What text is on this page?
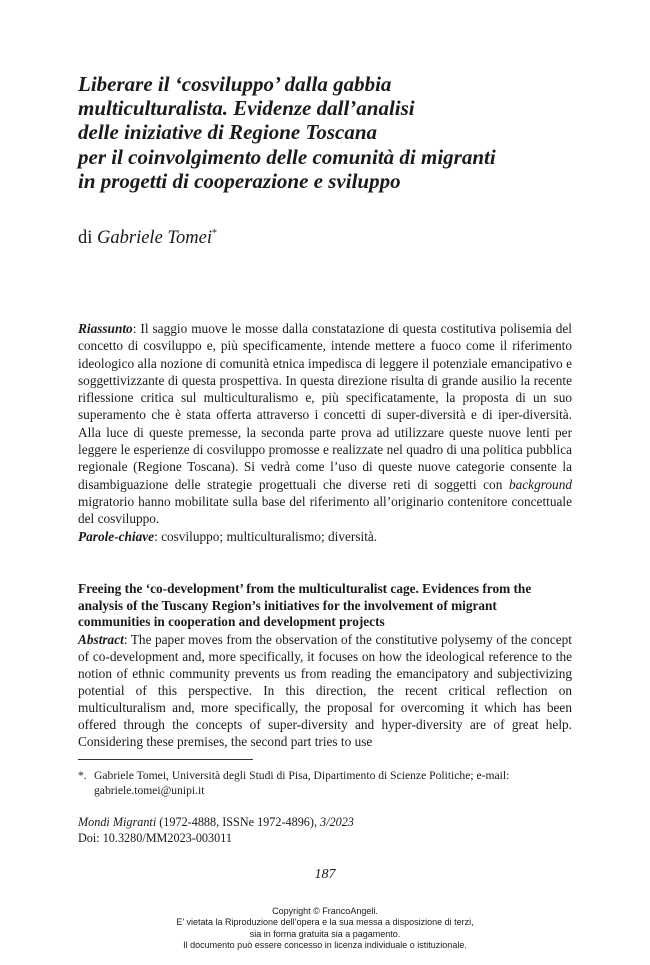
Liberare il ‘cosviluppo’ dalla gabbia
multiculturalista. Evidenze dall’analisi
delle iniziative di Regione Toscana
per il coinvolgimento delle comunità di migranti
in progetti di cooperazione e sviluppo
di Gabriele Tomei*

Riassunto: Il saggio muove le mosse dalla constatazione di questa costitutiva polisemia del concetto di cosviluppo e, più specificamente, intende mettere a fuoco come il riferimento ideologico alla nozione di comunità etnica impedisca di leggere il potenziale emancipativo e soggettivizzante di questa prospettiva. In questa direzione risulta di grande ausilio la recente riflessione critica sul multiculturalismo e, più specificatamente, la proposta di un suo superamento che è stata offerta attraverso i concetti di super-diversità e di iper-diversità. Alla luce di queste premesse, la seconda parte prova ad utilizzare queste nuove lenti per leggere le esperienze di cosviluppo promosse e realizzate nel quadro di una politica pubblica regionale (Regione Toscana). Si vedrà come l’uso di queste nuove categorie consente la disambiguazione delle strategie progettuali che diverse reti di soggetti con background migratorio hanno mobilitate sulla base del riferimento all’originario contenitore concettuale del cosviluppo.

Parole-chiave: cosviluppo; multiculturalismo; diversità.

Freeing the ‘co-development’ from the multiculturalist cage. Evidences from the analysis of the Tuscany Region’s initiatives for the involvement of migrant communities in cooperation and development projects

Abstract: The paper moves from the observation of the constitutive polysemy of the concept of co-development and, more specifically, it focuses on how the ideological reference to the notion of ethnic community prevents us from reading the emancipatory and subjectivizing potential of this perspective. In this direction, the recent critical reflection on multiculturalism and, more specifically, the proposal for overcoming it which has been offered through the concepts of super-diversity and hyper-diversity are of great help. Considering these premises, the second part tries to use

*. Gabriele Tomei, Università degli Studi di Pisa, Dipartimento di Scienze Politiche; e-mail:
gabriele.tomei@unipi.it
Mondi Migranti (1972-4888, ISSNe 1972-4896), 3/2023
Doi: 10.3280/MM2023-003011
187
Copyright © FrancoAngeli.
E’ vietata la Riproduzione dell’opera e la sua messa a disposizione di terzi,
sia in forma gratuita sia a pagamento.
Il documento può essere concesso in licenza individuale o istituzionale.
